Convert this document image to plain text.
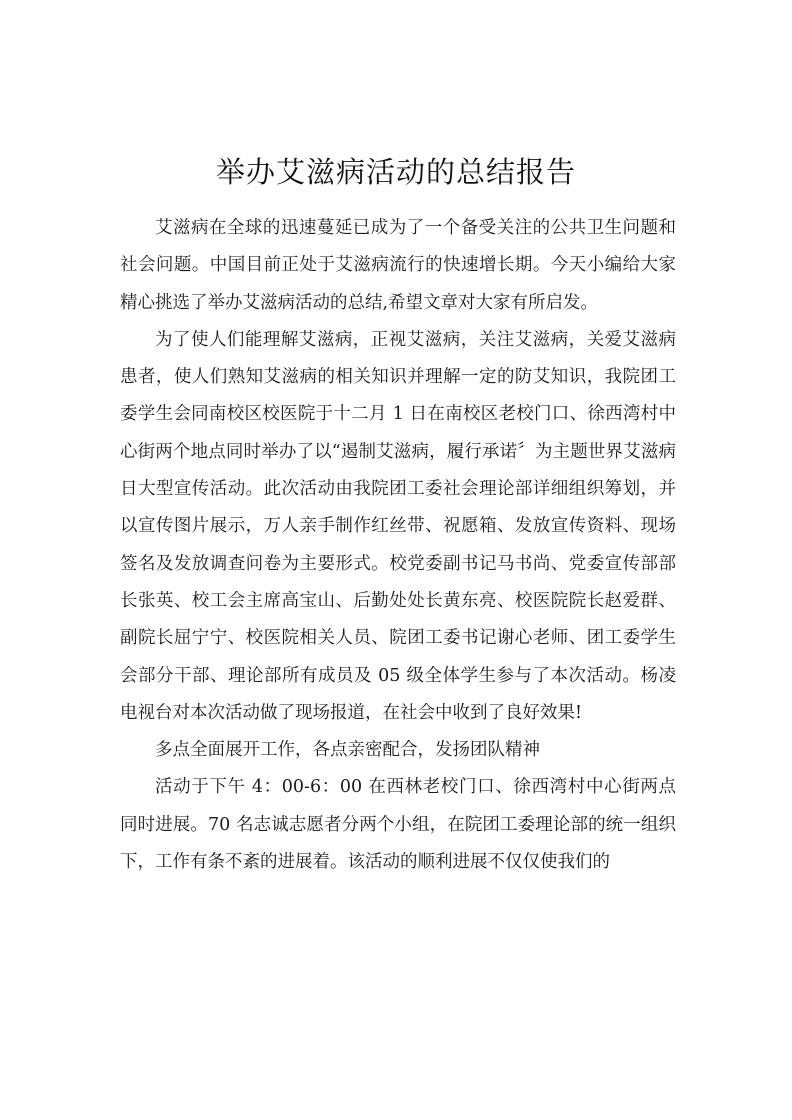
举办艾滋病活动的总结报告

艾滋病在全球的迅速蔓延已成为了一个备受关注的公共卫生问题和社会问题。中国目前正处于艾滋病流行的快速增长期。今天小编给大家精心挑选了举办艾滋病活动的总结,希望文章对大家有所启发。

为了使人们能理解艾滋病，正视艾滋病，关注艾滋病，关爱艾滋病患者，使人们熟知艾滋病的相关知识并理解一定的防艾知识，我院团工委学生会同南校区校医院于十二月 1 日在南校区老校门口、徐西湾村中心街两个地点同时举办了以“遏制艾滋病，履行承诺〞为主题世界艾滋病日大型宣传活动。此次活动由我院团工委社会理论部详细组织筹划，并以宣传图片展示，万人亲手制作红丝带、祝愿箱、发放宣传资料、现场签名及发放调查问卷为主要形式。校党委副书记马书尚、党委宣传部部长张英、校工会主席高宝山、后勤处处长黄东亮、校医院院长赵爱群、副院长屈宁宁、校医院相关人员、院团工委书记谢心老师、团工委学生会部分干部、理论部所有成员及 05 级全体学生参与了本次活动。杨凌电视台对本次活动做了现场报道，在社会中收到了良好效果!

多点全面展开工作，各点亲密配合，发扬团队精神

活动于下午 4：00-6：00 在西林老校门口、徐西湾村中心街两点同时进展。70 名志诚志愿者分两个小组，在院团工委理论部的统一组织下，工作有条不紊的进展着。该活动的顺利进展不仅仅使我们的
